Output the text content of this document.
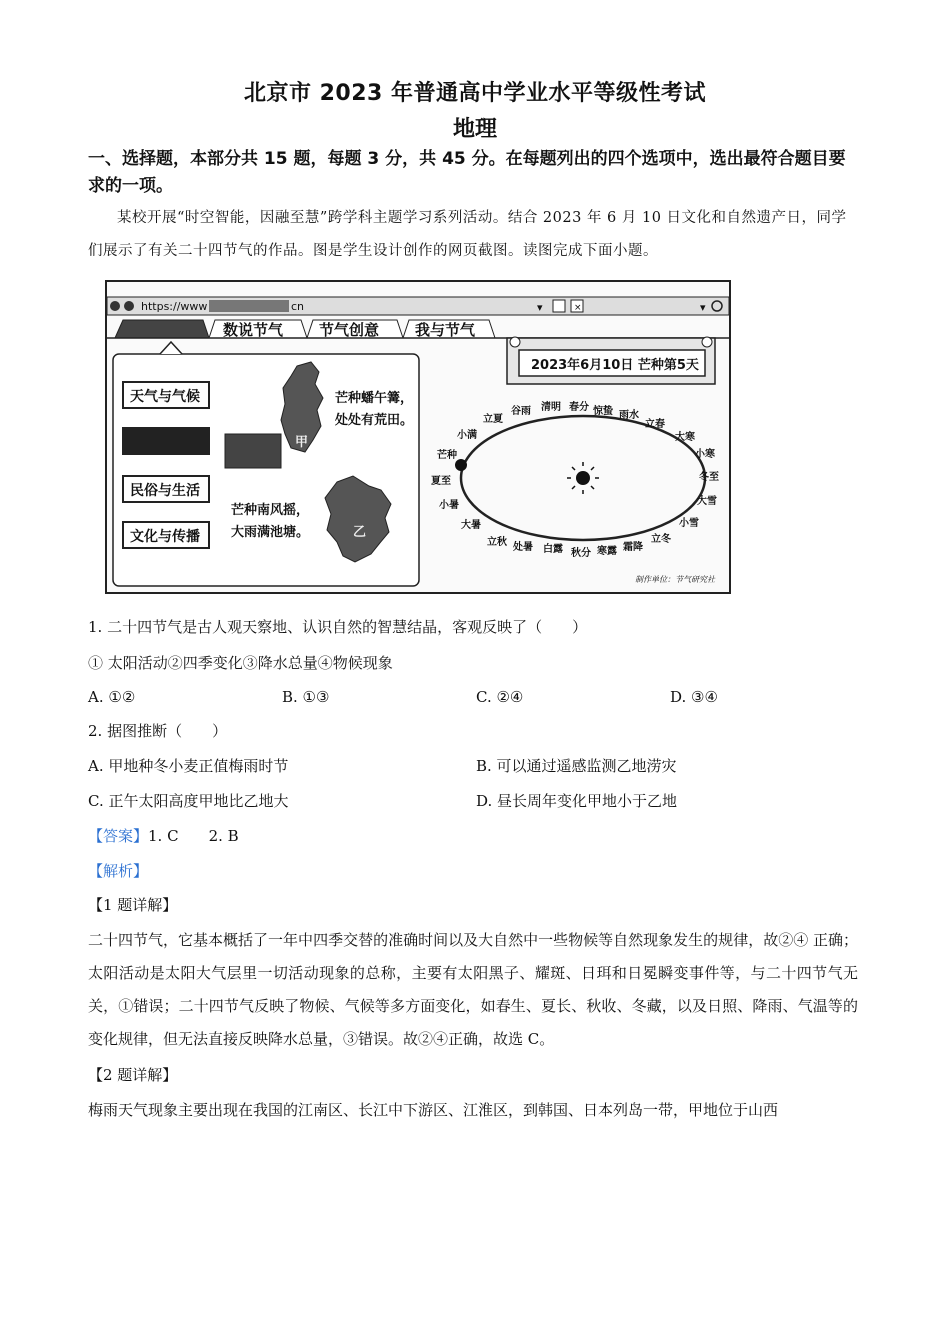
北京市 2023 年普通高中学业水平等级性考试
地理
一、选择题，本部分共 15 题，每题 3 分，共 45 分。在每题列出的四个选项中，选出最符合题目要求的一项。
某校开展“时空智能，因融至慧”跨学科主题学习系列活动。结合 2023 年 6 月 10 日文化和自然遗产日，同学们展示了有关二十四节气的作品。图是学生设计创作的网页截图。读图完成下面小题。
https://www	cn	▾	×	▾
数说节气 节气创意 我与节气
天气与气候
民俗与生活
文化与传播
甲
芒种蟠午篝，
处处有荒田。
乙
芒种南风摇，
大雨满池塘。
2023年6月10日 芒种第5天
春分 惊蛰 雨水
立春
大寒
小寒
冬至
大雪
小雪
立冬
霜降
寒露
秋分
白露
处暑
立秋
大暑
小暑
夏至
芒种
小满
立夏
谷雨 清明
制作单位：节气研究社
1. 二十四节气是古人观天察地、认识自然的智慧结晶，客观反映了（　　）
① 太阳活动②四季变化③降水总量④物候现象
A. ①②	B. ①③	C. ②④	D. ③④
2. 据图推断（　　）
A. 甲地种冬小麦正值梅雨时节	B. 可以通过遥感监测乙地涝灾
C. 正午太阳高度甲地比乙地大	D. 昼长周年变化甲地小于乙地
【答案】1. C　　2. B
【解析】
【1 题详解】
二十四节气，它基本概括了一年中四季交替的准确时间以及大自然中一些物候等自然现象发生的规律，故②④ 正确；太阳活动是太阳大气层里一切活动现象的总称，主要有太阳黑子、耀斑、日珥和日冕瞬变事件等，与二十四节气无关，①错误；二十四节气反映了物候、气候等多方面变化，如春生、夏长、秋收、冬藏，以及日照、降雨、气温等的变化规律，但无法直接反映降水总量，③错误。故②④正确，故选 C。
【2 题详解】
梅雨天气现象主要出现在我国的江南区、长江中下游区、江淮区，到韩国、日本列岛一带，甲地位于山西
